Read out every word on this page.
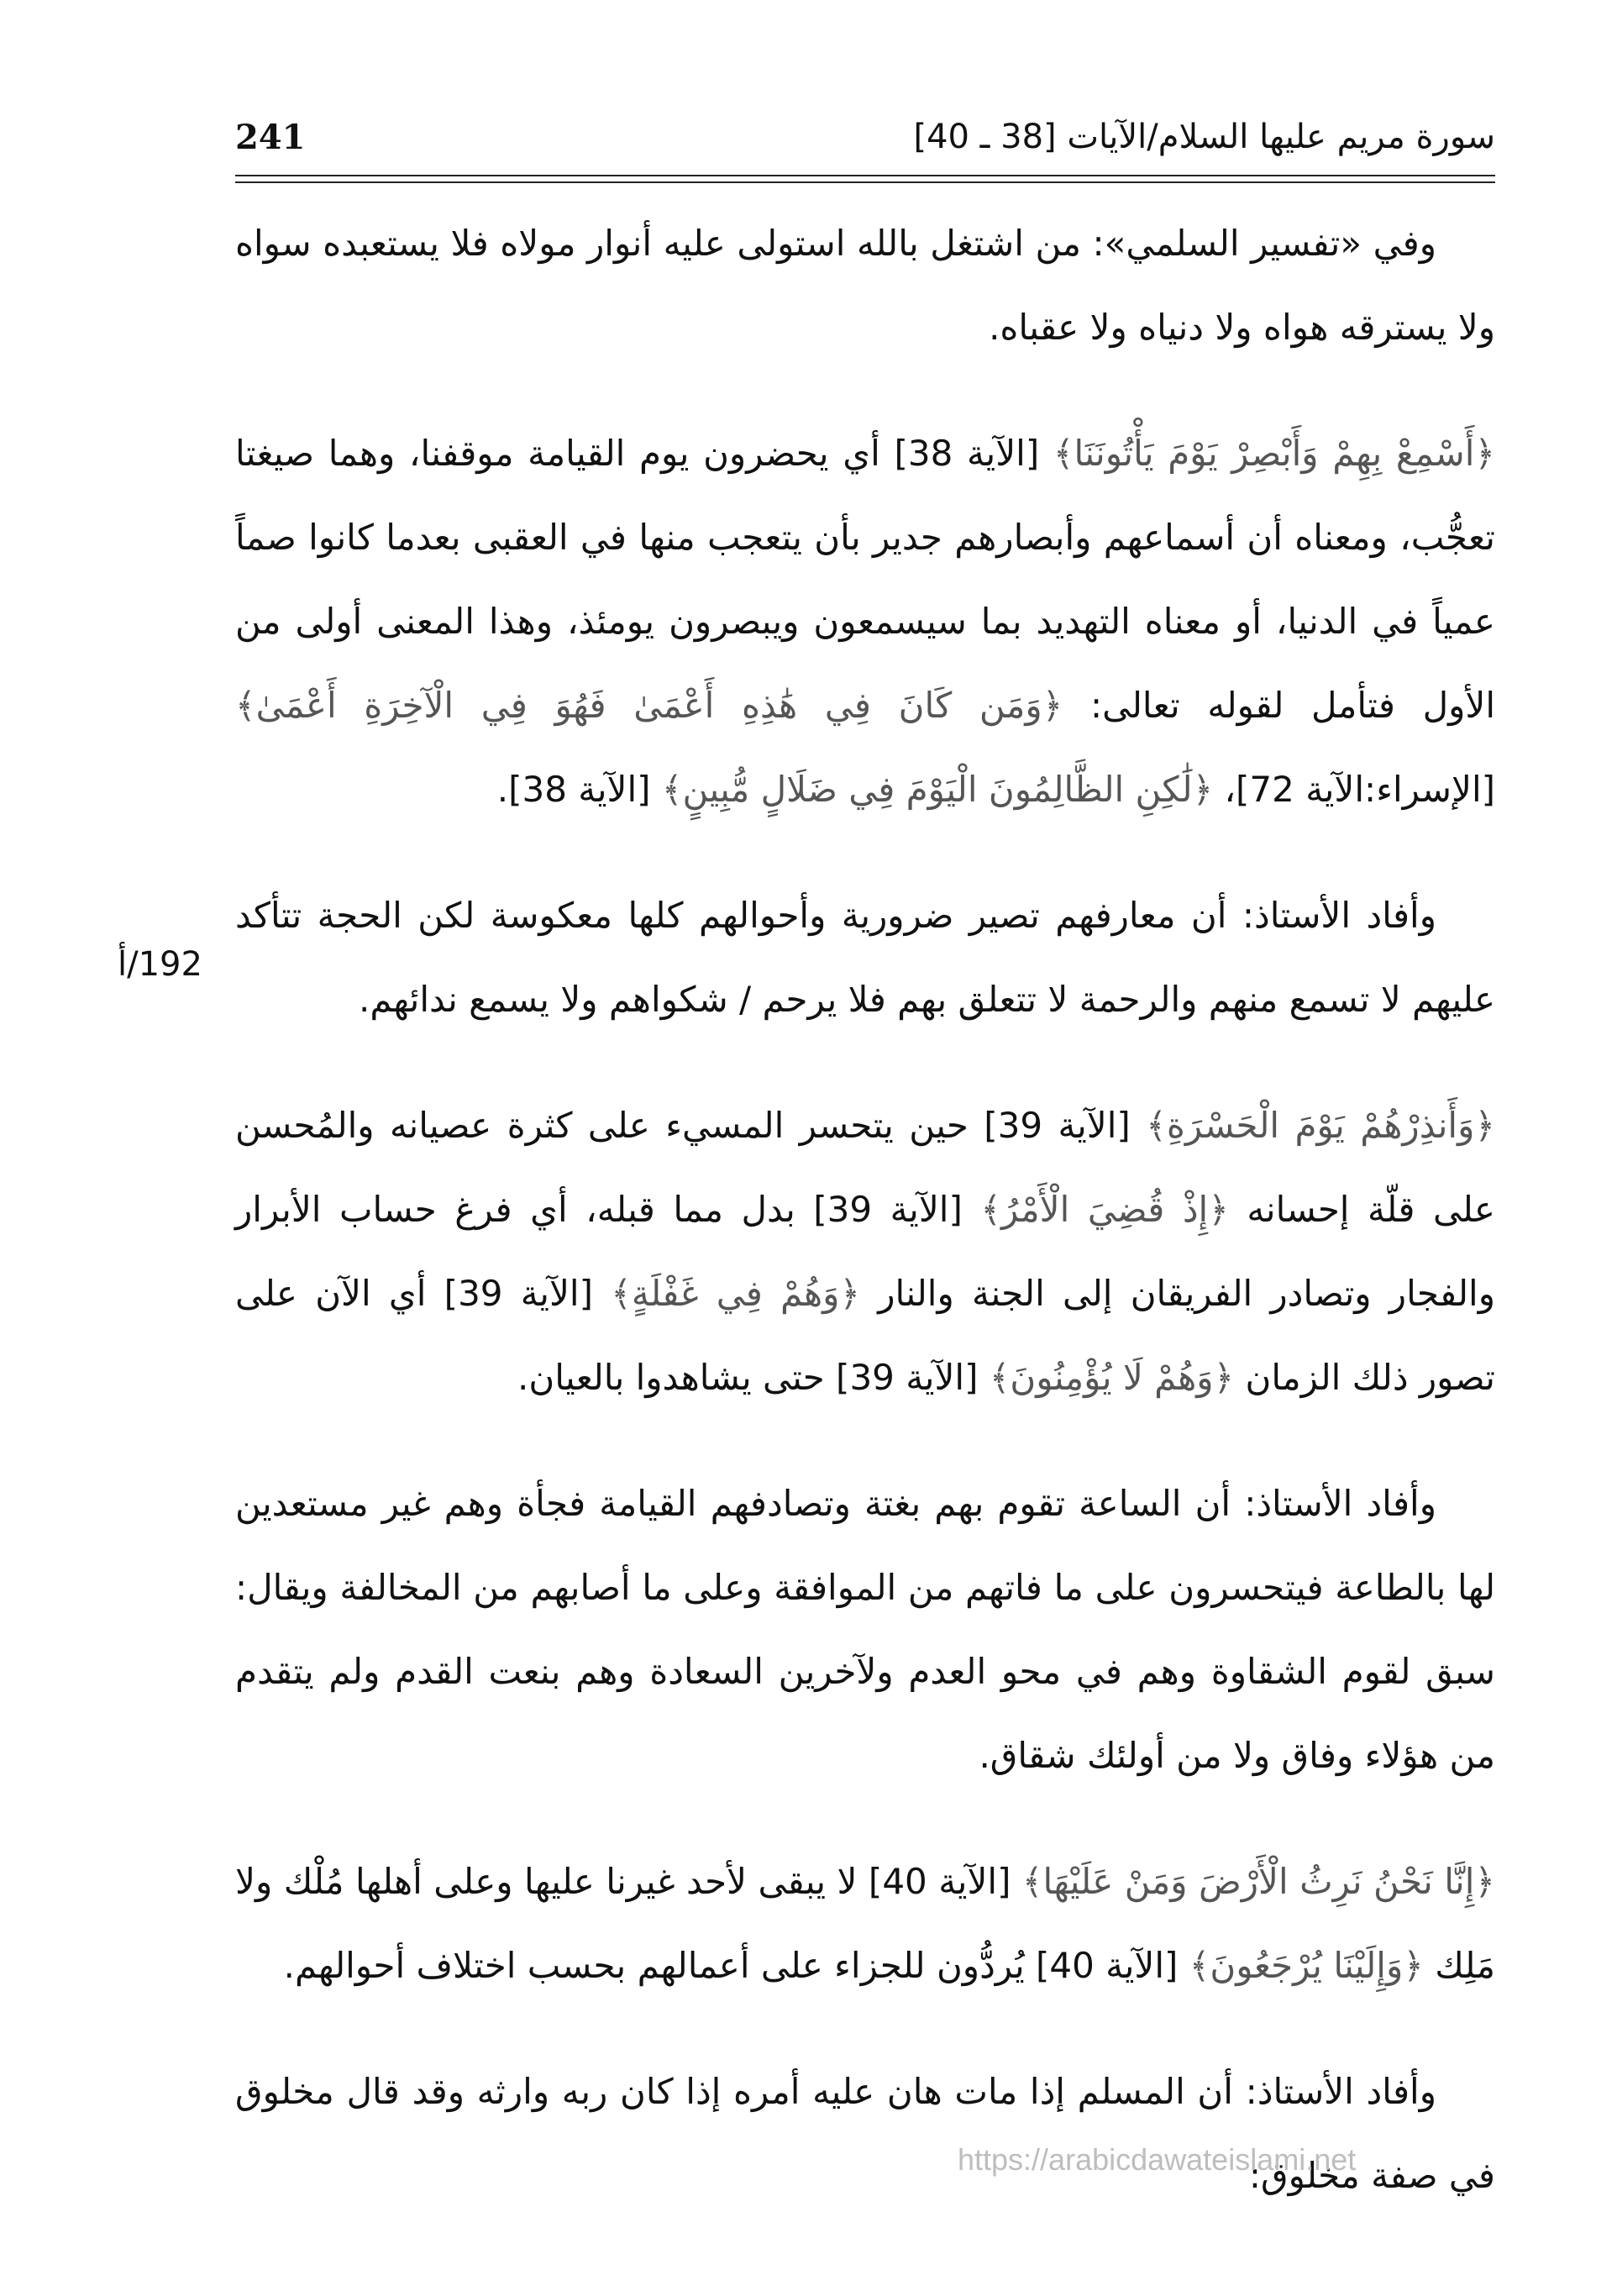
سورة مريم عليها السلام/الآيات [38 ـ 40]
241
192/أ

وفي «تفسير السلمي»: من اشتغل بالله استولى عليه أنوار مولاه فلا يستعبده سواه ولا يسترقه هواه ولا دنياه ولا عقباه.

﴿أَسْمِعْ بِهِمْ وَأَبْصِرْ يَوْمَ يَأْتُونَنَا﴾ [الآية 38] أي يحضرون يوم القيامة موقفنا، وهما صيغتا تعجُّب، ومعناه أن أسماعهم وأبصارهم جدير بأن يتعجب منها في العقبى بعدما كانوا صماً عمياً في الدنيا، أو معناه التهديد بما سيسمعون ويبصرون يومئذ، وهذا المعنى أولى من الأول فتأمل لقوله تعالى: ﴿وَمَن كَانَ فِي هَٰذِهِ أَعْمَىٰ فَهُوَ فِي الْآخِرَةِ أَعْمَىٰ﴾ [الإسراء:الآية 72]، ﴿لَٰكِنِ الظَّالِمُونَ الْيَوْمَ فِي ضَلَالٍ مُّبِينٍ﴾ [الآية 38].

وأفاد الأستاذ: أن معارفهم تصير ضرورية وأحوالهم كلها معكوسة لكن الحجة تتأكد عليهم لا تسمع منهم والرحمة لا تتعلق بهم فلا يرحم / شكواهم ولا يسمع ندائهم.

﴿وَأَنذِرْهُمْ يَوْمَ الْحَسْرَةِ﴾ [الآية 39] حين يتحسر المسيء على كثرة عصيانه والمُحسن على قلّة إحسانه ﴿إِذْ قُضِيَ الْأَمْرُ﴾ [الآية 39] بدل مما قبله، أي فرغ حساب الأبرار والفجار وتصادر الفريقان إلى الجنة والنار ﴿وَهُمْ فِي غَفْلَةٍ﴾ [الآية 39] أي الآن على تصور ذلك الزمان ﴿وَهُمْ لَا يُؤْمِنُونَ﴾ [الآية 39] حتى يشاهدوا بالعيان.

وأفاد الأستاذ: أن الساعة تقوم بهم بغتة وتصادفهم القيامة فجأة وهم غير مستعدين لها بالطاعة فيتحسرون على ما فاتهم من الموافقة وعلى ما أصابهم من المخالفة ويقال: سبق لقوم الشقاوة وهم في محو العدم ولآخرين السعادة وهم بنعت القدم ولم يتقدم من هؤلاء وفاق ولا من أولئك شقاق.

﴿إِنَّا نَحْنُ نَرِثُ الْأَرْضَ وَمَنْ عَلَيْهَا﴾ [الآية 40] لا يبقى لأحد غيرنا عليها وعلى أهلها مُلْك ولا مَلِك ﴿وَإِلَيْنَا يُرْجَعُونَ﴾ [الآية 40] يُردُّون للجزاء على أعمالهم بحسب اختلاف أحوالهم.

وأفاد الأستاذ: أن المسلم إذا مات هان عليه أمره إذا كان ربه وارثه وقد قال مخلوق في صفة مخلوق:

https://arabicdawateislami.net
